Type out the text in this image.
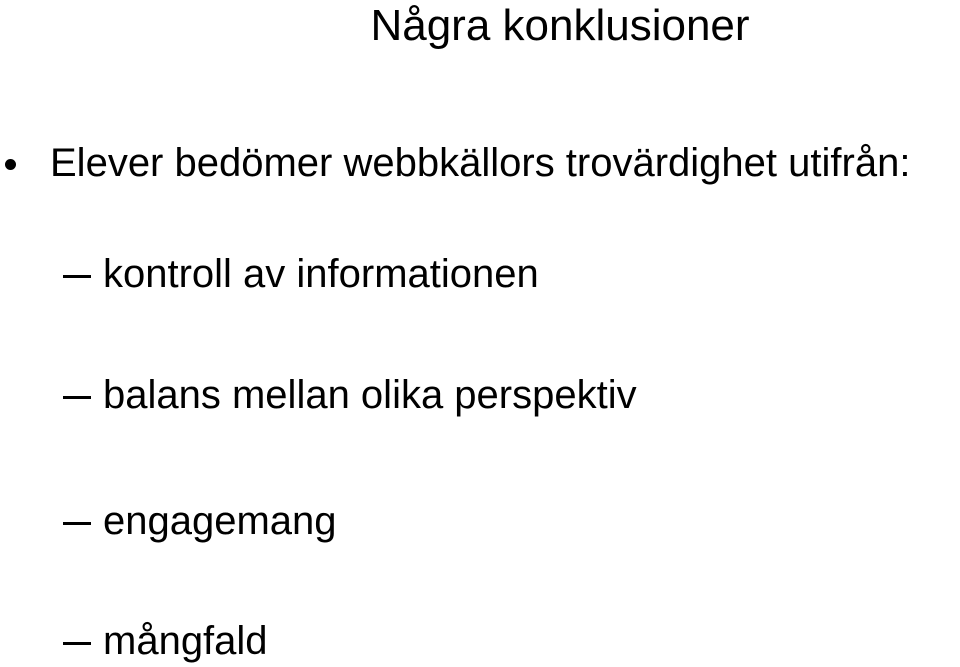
Några konklusioner
Elever bedömer webbkällors trovärdighet utifrån:
kontroll av informationen
balans mellan olika perspektiv
engagemang
mångfald
